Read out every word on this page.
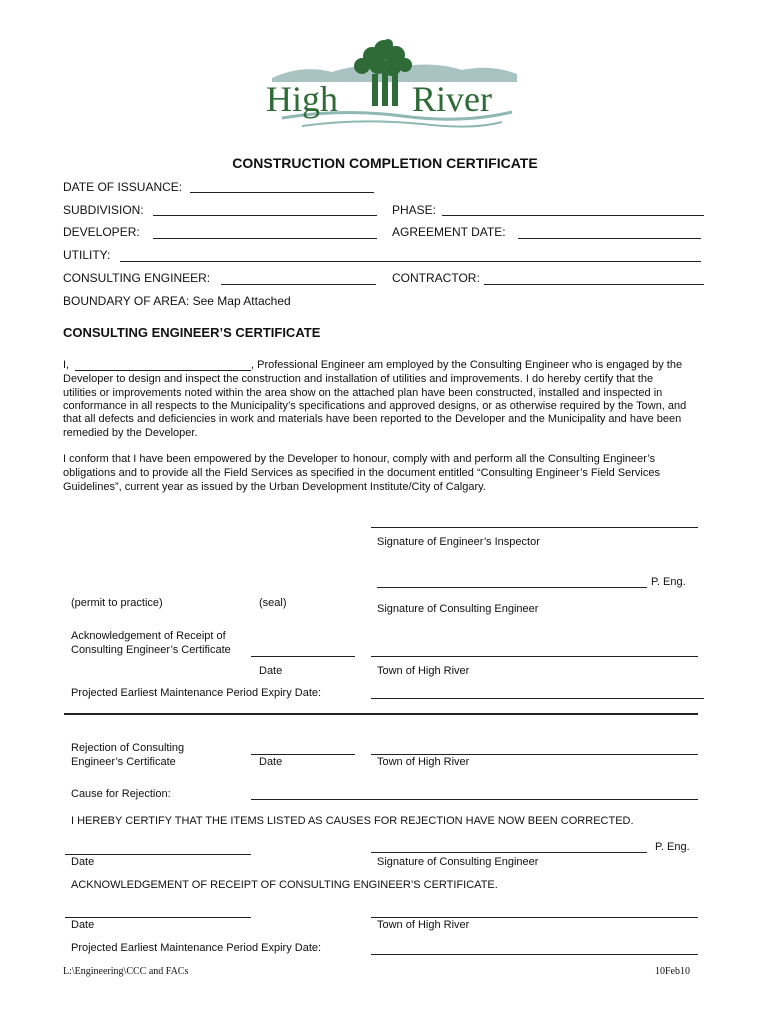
High River
CONSTRUCTION COMPLETION CERTIFICATE
DATE OF ISSUANCE:
SUBDIVISION:	PHASE:
DEVELOPER:	AGREEMENT DATE:
UTILITY:
CONSULTING ENGINEER:	CONTRACTOR:
BOUNDARY OF AREA: See Map Attached
CONSULTING ENGINEER’S CERTIFICATE
I,	, Professional Engineer am employed by the Consulting Engineer who is engaged by the
Developer to design and inspect the construction and installation of utilities and improvements. I do hereby certify that the
utilities or improvements noted within the area show on the attached plan have been constructed, installed and inspected in
conformance in all respects to the Municipality’s specifications and approved designs, or as otherwise required by the Town, and
that all defects and deficiencies in work and materials have been reported to the Developer and the Municipality and have been
remedied by the Developer.
I conform that I have been empowered by the Developer to honour, comply with and perform all the Consulting Engineer’s
obligations and to provide all the Field Services as specified in the document entitled “Consulting Engineer’s Field Services
Guidelines”, current year as issued by the Urban Development Institute/City of Calgary.
Signature of Engineer’s Inspector
P. Eng.
(permit to practice)	(seal)	Signature of Consulting Engineer
Acknowledgement of Receipt of
Consulting Engineer’s Certificate
Date	Town of High River
Projected Earliest Maintenance Period Expiry Date:
Rejection of Consulting
Engineer’s Certificate	Date	Town of High River
Cause for Rejection:
I HEREBY CERTIFY THAT THE ITEMS LISTED AS CAUSES FOR REJECTION HAVE NOW BEEN CORRECTED.
P. Eng.
Date	Signature of Consulting Engineer
ACKNOWLEDGEMENT OF RECEIPT OF CONSULTING ENGINEER’S CERTIFICATE.
Date	Town of High River
Projected Earliest Maintenance Period Expiry Date:
L:\Engineering\CCC and FACs	10Feb10
